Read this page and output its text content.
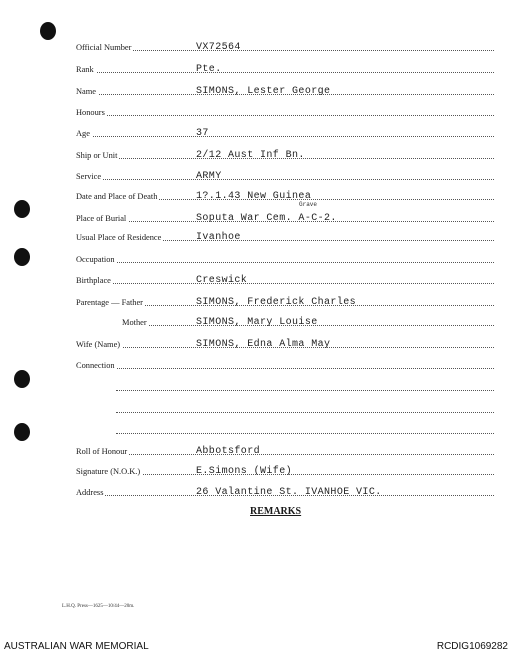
Official Number	VX72564
Rank	Pte.
Name	SIMONS, Lester George
Honours
Age	37
Ship or Unit	2/12 Aust Inf Bn.
Service	ARMY
Date and Place of Death	1?.1.43 New Guinea
Place of Burial	Soputa War Cem. A-C-2.
Grave
Usual Place of Residence	Ivanhoe
Occupation
Birthplace	Creswick
Parentage — Father	SIMONS, Frederick Charles
Mother	SIMONS, Mary Louise
Wife (Name)	SIMONS, Edna Alma May
Connection
Roll of Honour	Abbotsford
Signature (N.O.K.)	E.Simons (Wife)
Address	26 Valantine St. IVANHOE VIC.
REMARKS
L.H.Q. Press—1625—10/44—20m.
AUSTRALIAN WAR MEMORIAL	RCDIG1069282
